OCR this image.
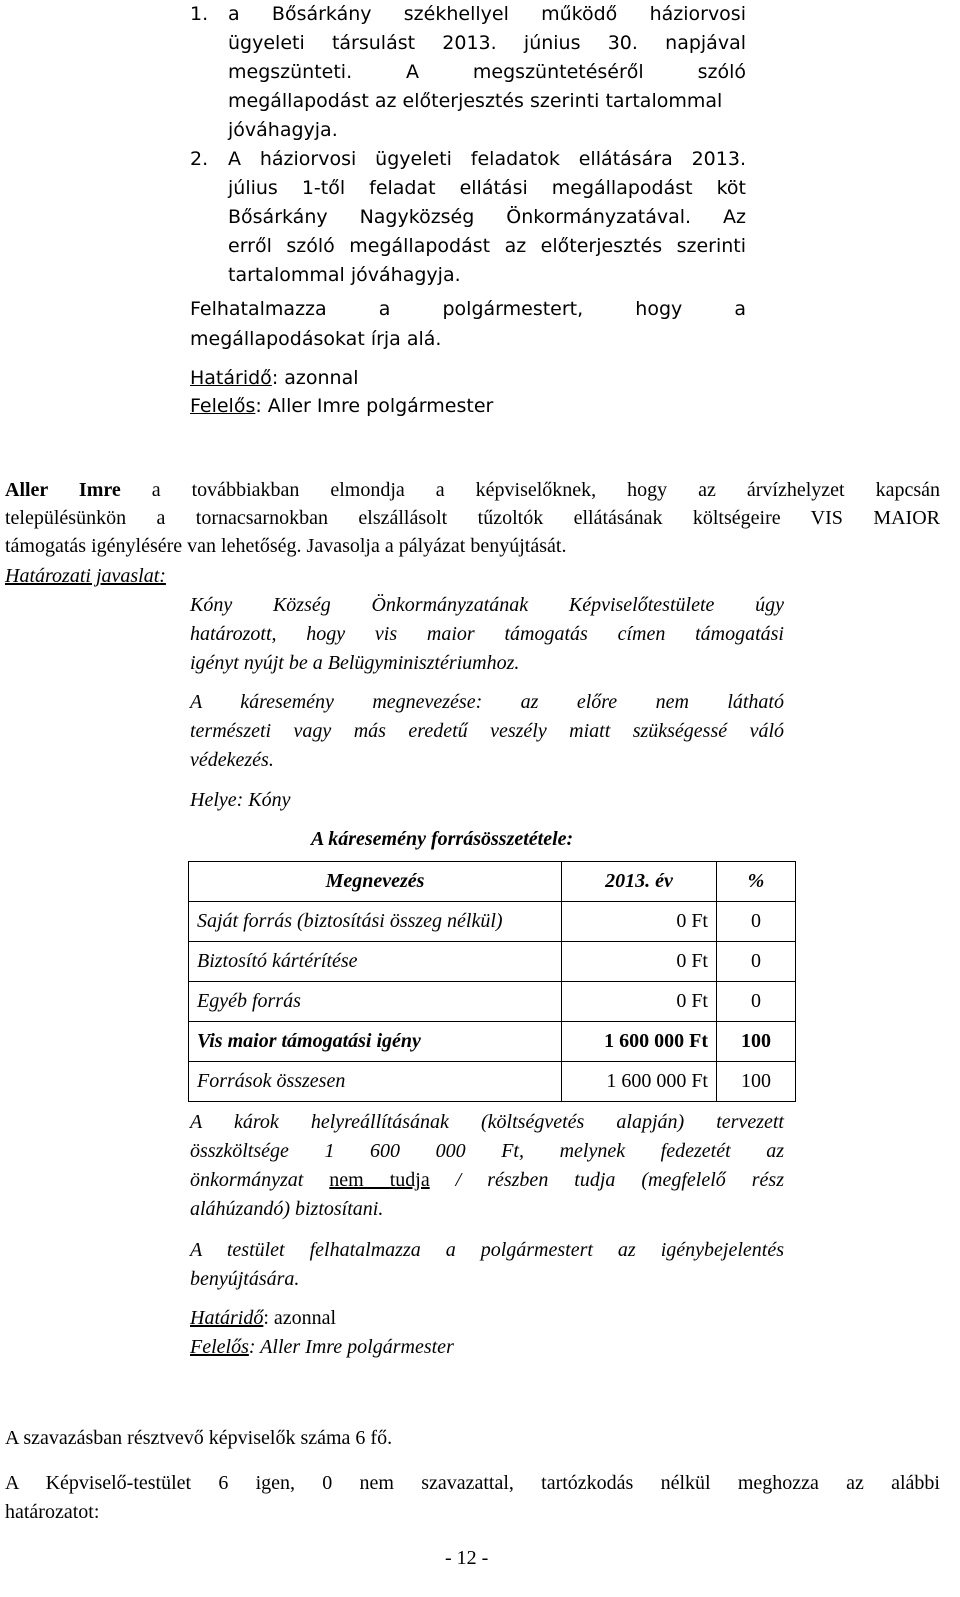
1.	a Bősárkány székhellyel működő háziorvosi
ügyeleti társulást 2013. június 30. napjával
megszünteti. A megszüntetéséről szóló
megállapodást az előterjesztés szerinti tartalommal
jóváhagyja.
2.	A háziorvosi ügyeleti feladatok ellátására 2013.
július 1-től feladat ellátási megállapodást köt
Bősárkány Nagyközség Önkormányzatával. Az
erről szóló megállapodást az előterjesztés szerinti
tartalommal jóváhagyja.
Felhatalmazza a polgármestert, hogy a
megállapodásokat írja alá.
Határidő: azonnal
Felelős: Aller Imre polgármester
Aller Imre a továbbiakban elmondja a képviselőknek, hogy az árvízhelyzet kapcsán
településünkön a tornacsarnokban elszállásolt tűzoltók ellátásának költségeire VIS MAIOR
támogatás igénylésére van lehetőség. Javasolja a pályázat benyújtását.
Határozati javaslat:
Kóny Község Önkormányzatának Képviselőtestülete úgy
határozott, hogy vis maior támogatás címen támogatási
igényt nyújt be a Belügyminisztériumhoz.
A káresemény megnevezése: az előre nem látható
természeti vagy más eredetű veszély miatt szükségessé váló
védekezés.
Helye: Kóny
A káresemény forrásösszetétele:
Megnevezés	2013. év	%
Saját forrás (biztosítási összeg nélkül)	0 Ft	0
Biztosító kártérítése	0 Ft	0
Egyéb forrás	0 Ft	0
Vis maior támogatási igény	1 600 000 Ft	100
Források összesen	1 600 000 Ft	100
A károk helyreállításának (költségvetés alapján) tervezett
összköltsége 1 600 000 Ft, melynek fedezetét az
önkormányzat nem tudja / részben tudja (megfelelő rész
aláhúzandó) biztosítani.
A testület felhatalmazza a polgármestert az igénybejelentés
benyújtására.
Határidő: azonnal
Felelős: Aller Imre polgármester
A szavazásban résztvevő képviselők száma 6 fő.
A Képviselő-testület 6 igen, 0 nem szavazattal, tartózkodás nélkül meghozza az alábbi
határozatot:
- 12 -
